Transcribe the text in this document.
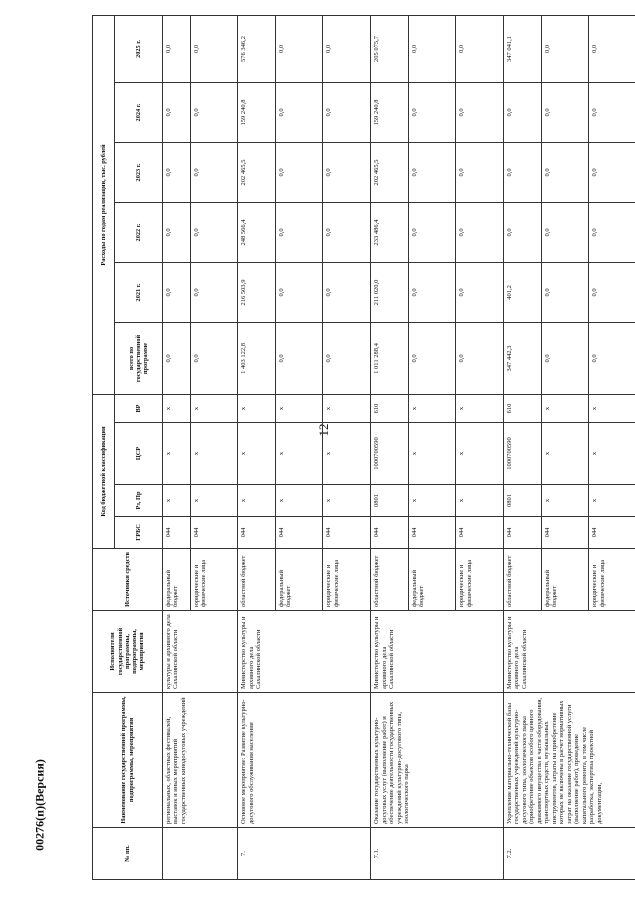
12
00276(п)(Версия)
№ пп.	Наименование государственной программы, подпрограммы, мероприятия	Исполнители государственной программы, подпрограммы, мероприятия	Источники средств	Код бюджетной классификации				Расходы по годам реализации, тыс. рублей					
				ГРБС	Рз, Пр	ЦСР	ВР	всего по государственной программе	2021 г.	2022 г.	2023 г.	2024 г.	2025 г.
	региональных, областных фестивалей, выставок и иных мероприятий государственных кинодосуговых учреждений	культуры и архивного дела Сахалинской области	федеральный бюджет	044	x	x	x	0,0	0,0	0,0	0,0	0,0	0,0
			юридические и физические лица	044	x	x	x	0,0	0,0	0,0	0,0	0,0	0,0
7.	Основное мероприятие: Развитие культурно-досугового обслуживания населения	Министерство культуры и архивного дела Сахалинской области	областной бюджет	044	x	x	x	1 403 122,8	216 503,9	248 566,4	202 465,5	159 240,8	576 346,2
			федеральный бюджет	044	x	x	x	0,0	0,0	0,0	0,0	0,0	0,0
			юридические и физические лица	044	x	x	x	0,0	0,0	0,0	0,0	0,0	0,0
7.1.	Оказание государственных культурно-досуговых услуг (выполнение работ) и обеспечение деятельности государственных учреждений культурно-досугового типа, зоологического парка	Министерство культуры и архивного дела Сахалинской области	областной бюджет	044	0801	1000700590	610	1 011 288,4	211 020,0	233 486,4	202 465,5	159 240,8	205 075,7
			федеральный бюджет	044	x	x	x	0,0	0,0	0,0	0,0	0,0	0,0
			юридические и физические лица	044	x	x	x	0,0	0,0	0,0	0,0	0,0	0,0
7.2.	Укрепление материально-технической базы государственных учреждений культурно-досугового типа, зоологического парка (приобретение объектов особого ценного движимого имущества в части оборудования, транспортных средств, музыкальных инструментов, затраты на приобретение которых не включены в расчет нормативных затрат на оказание государственной услуги (выполнение работ), проведение капитального ремонта, в том числе разработка, экспертиза проектной документации,	Министерство культуры и архивного дела Сахалинской области	областной бюджет	044	0801	1000700590	610	347 442,3	401,2	0,0	0,0	0,0	347 041,1
			федеральный бюджет	044	x	x	x	0,0	0,0	0,0	0,0	0,0	0,0
			юридические и физические лица	044	x	x	x	0,0	0,0	0,0	0,0	0,0	0,0
